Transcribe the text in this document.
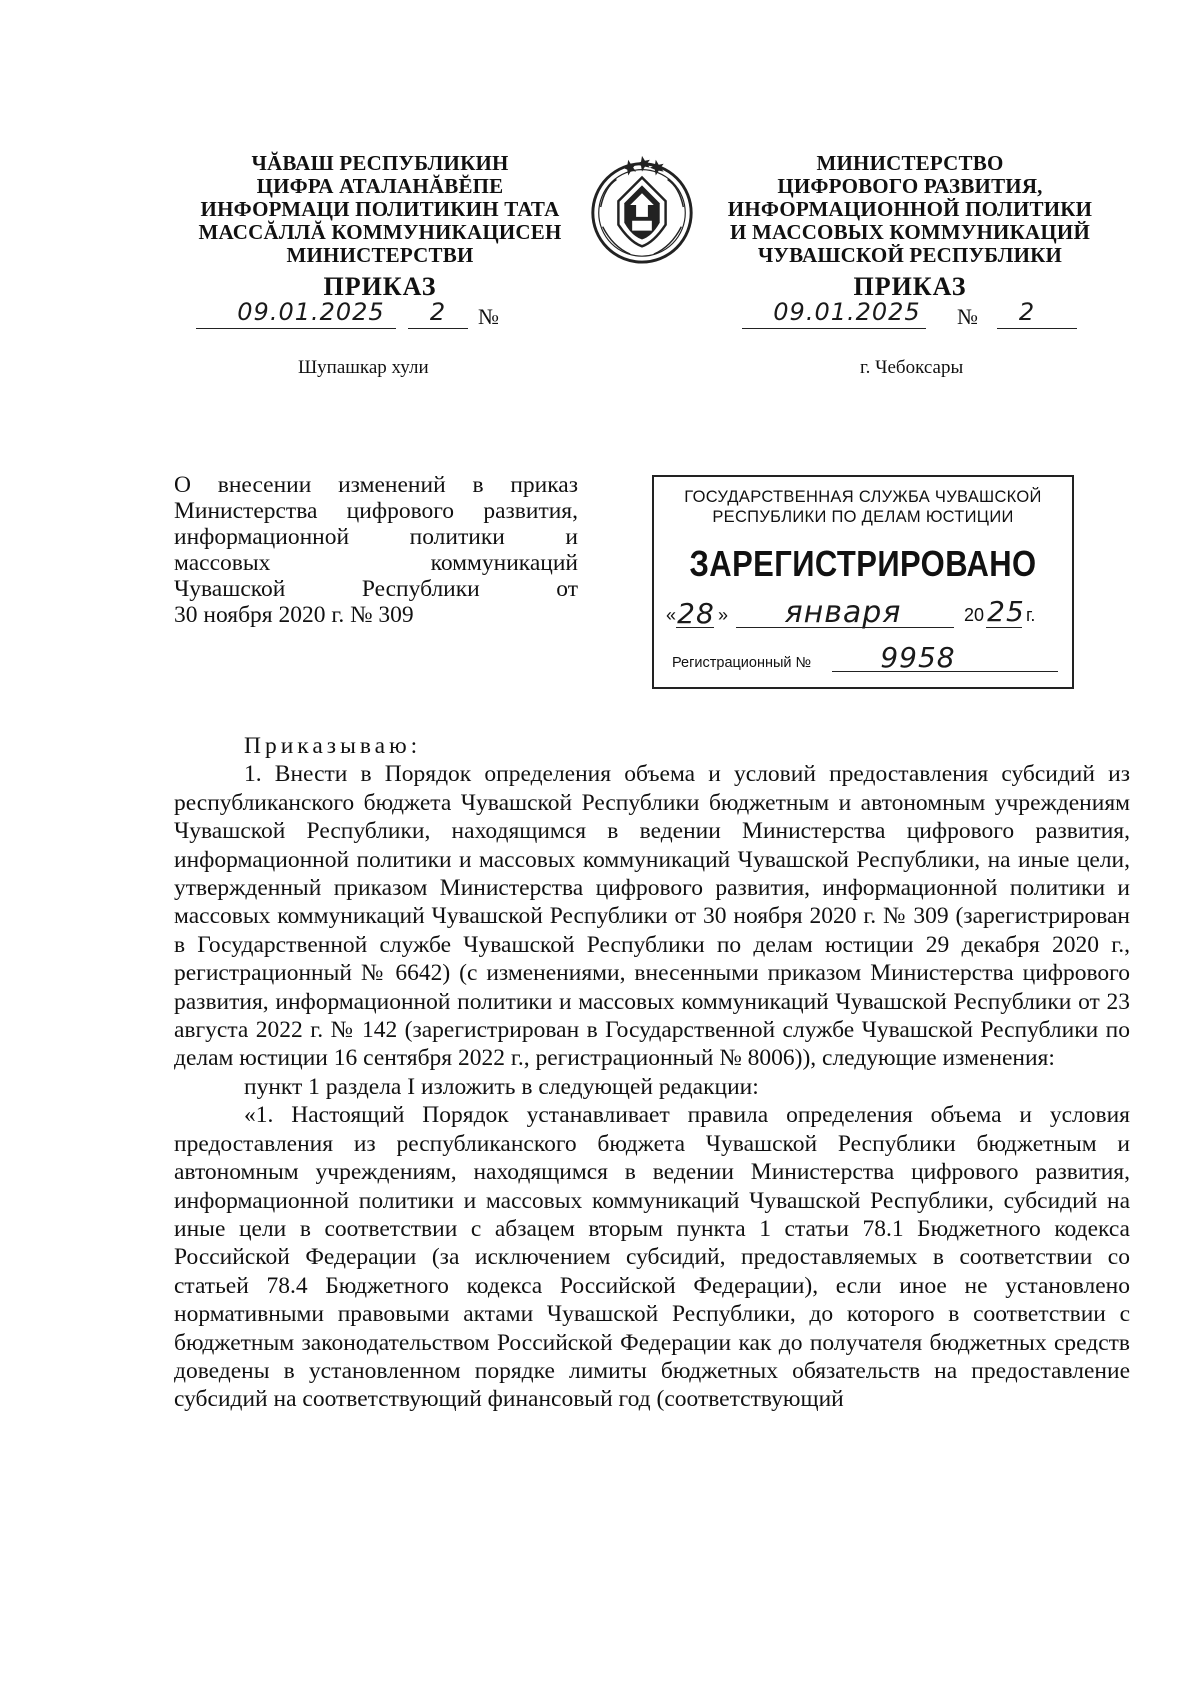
ЧĂВАШ РЕСПУБЛИКИН
ЦИФРА АТАЛАНĂВĔПЕ
ИНФОРМАЦИ ПОЛИТИКИН ТАТА
МАССĂЛЛĂ КОММУНИКАЦИСЕН
МИНИСТЕРСТВИ
ПРИКАЗ
МИНИСТЕРСТВО
ЦИФРОВОГО РАЗВИТИЯ,
ИНФОРМАЦИОННОЙ ПОЛИТИКИ
И МАССОВЫХ КОММУНИКАЦИЙ
ЧУВАШСКОЙ РЕСПУБЛИКИ
ПРИКАЗ
09.01.2025	2	№	09.01.2025 №	2
Шупашкар хули	г. Чебоксары
О внесении изменений в приказ
Министерства цифрового развития,
информационной политики и
массовых коммуникаций
Чувашской Республики от
30 ноября 2020 г. № 309
ГОСУДАРСТВЕННАЯ СЛУЖБА ЧУВАШСКОЙ
РЕСПУБЛИКИ ПО ДЕЛАМ ЮСТИЦИИ
ЗАРЕГИСТРИРОВАНО
« 28 »	января	20 25 г.
Регистрационный №	9958

Приказываю:

1. Внести в Порядок определения объема и условий предоставления субсидий из республиканского бюджета Чувашской Республики бюджетным и автономным учреждениям Чувашской Республики, находящимся в ведении Министерства цифрового развития, информационной политики и массовых коммуникаций Чувашской Республики, на иные цели, утвержденный приказом Министерства цифрового развития, информационной политики и массовых коммуникаций Чувашской Республики от 30 ноября 2020 г. № 309 (зарегистрирован в Государственной службе Чувашской Республики по делам юстиции 29 декабря 2020 г., регистрационный № 6642) (с изменениями, внесенными приказом Министерства цифрового развития, информационной политики и массовых коммуникаций Чувашской Республики от 23 августа 2022 г. № 142 (зарегистрирован в Государственной службе Чувашской Республики по делам юстиции 16 сентября 2022 г., регистрационный № 8006)), следующие изменения:

пункт 1 раздела I изложить в следующей редакции:

«1. Настоящий Порядок устанавливает правила определения объема и условия предоставления из республиканского бюджета Чувашской Республики бюджетным и автономным учреждениям, находящимся в ведении Министерства цифрового развития, информационной политики и массовых коммуникаций Чувашской Республики, субсидий на иные цели в соответствии с абзацем вторым пункта 1 статьи 78.1 Бюджетного кодекса Российской Федерации (за исключением субсидий, предоставляемых в соответствии со статьей 78.4 Бюджетного кодекса Российской Федерации), если иное не установлено нормативными правовыми актами Чувашской Республики, до которого в соответствии с бюджетным законодательством Российской Федерации как до получателя бюджетных средств доведены в установленном порядке лимиты бюджетных обязательств на предоставление субсидий на соответствующий финансовый год (соответствующий
